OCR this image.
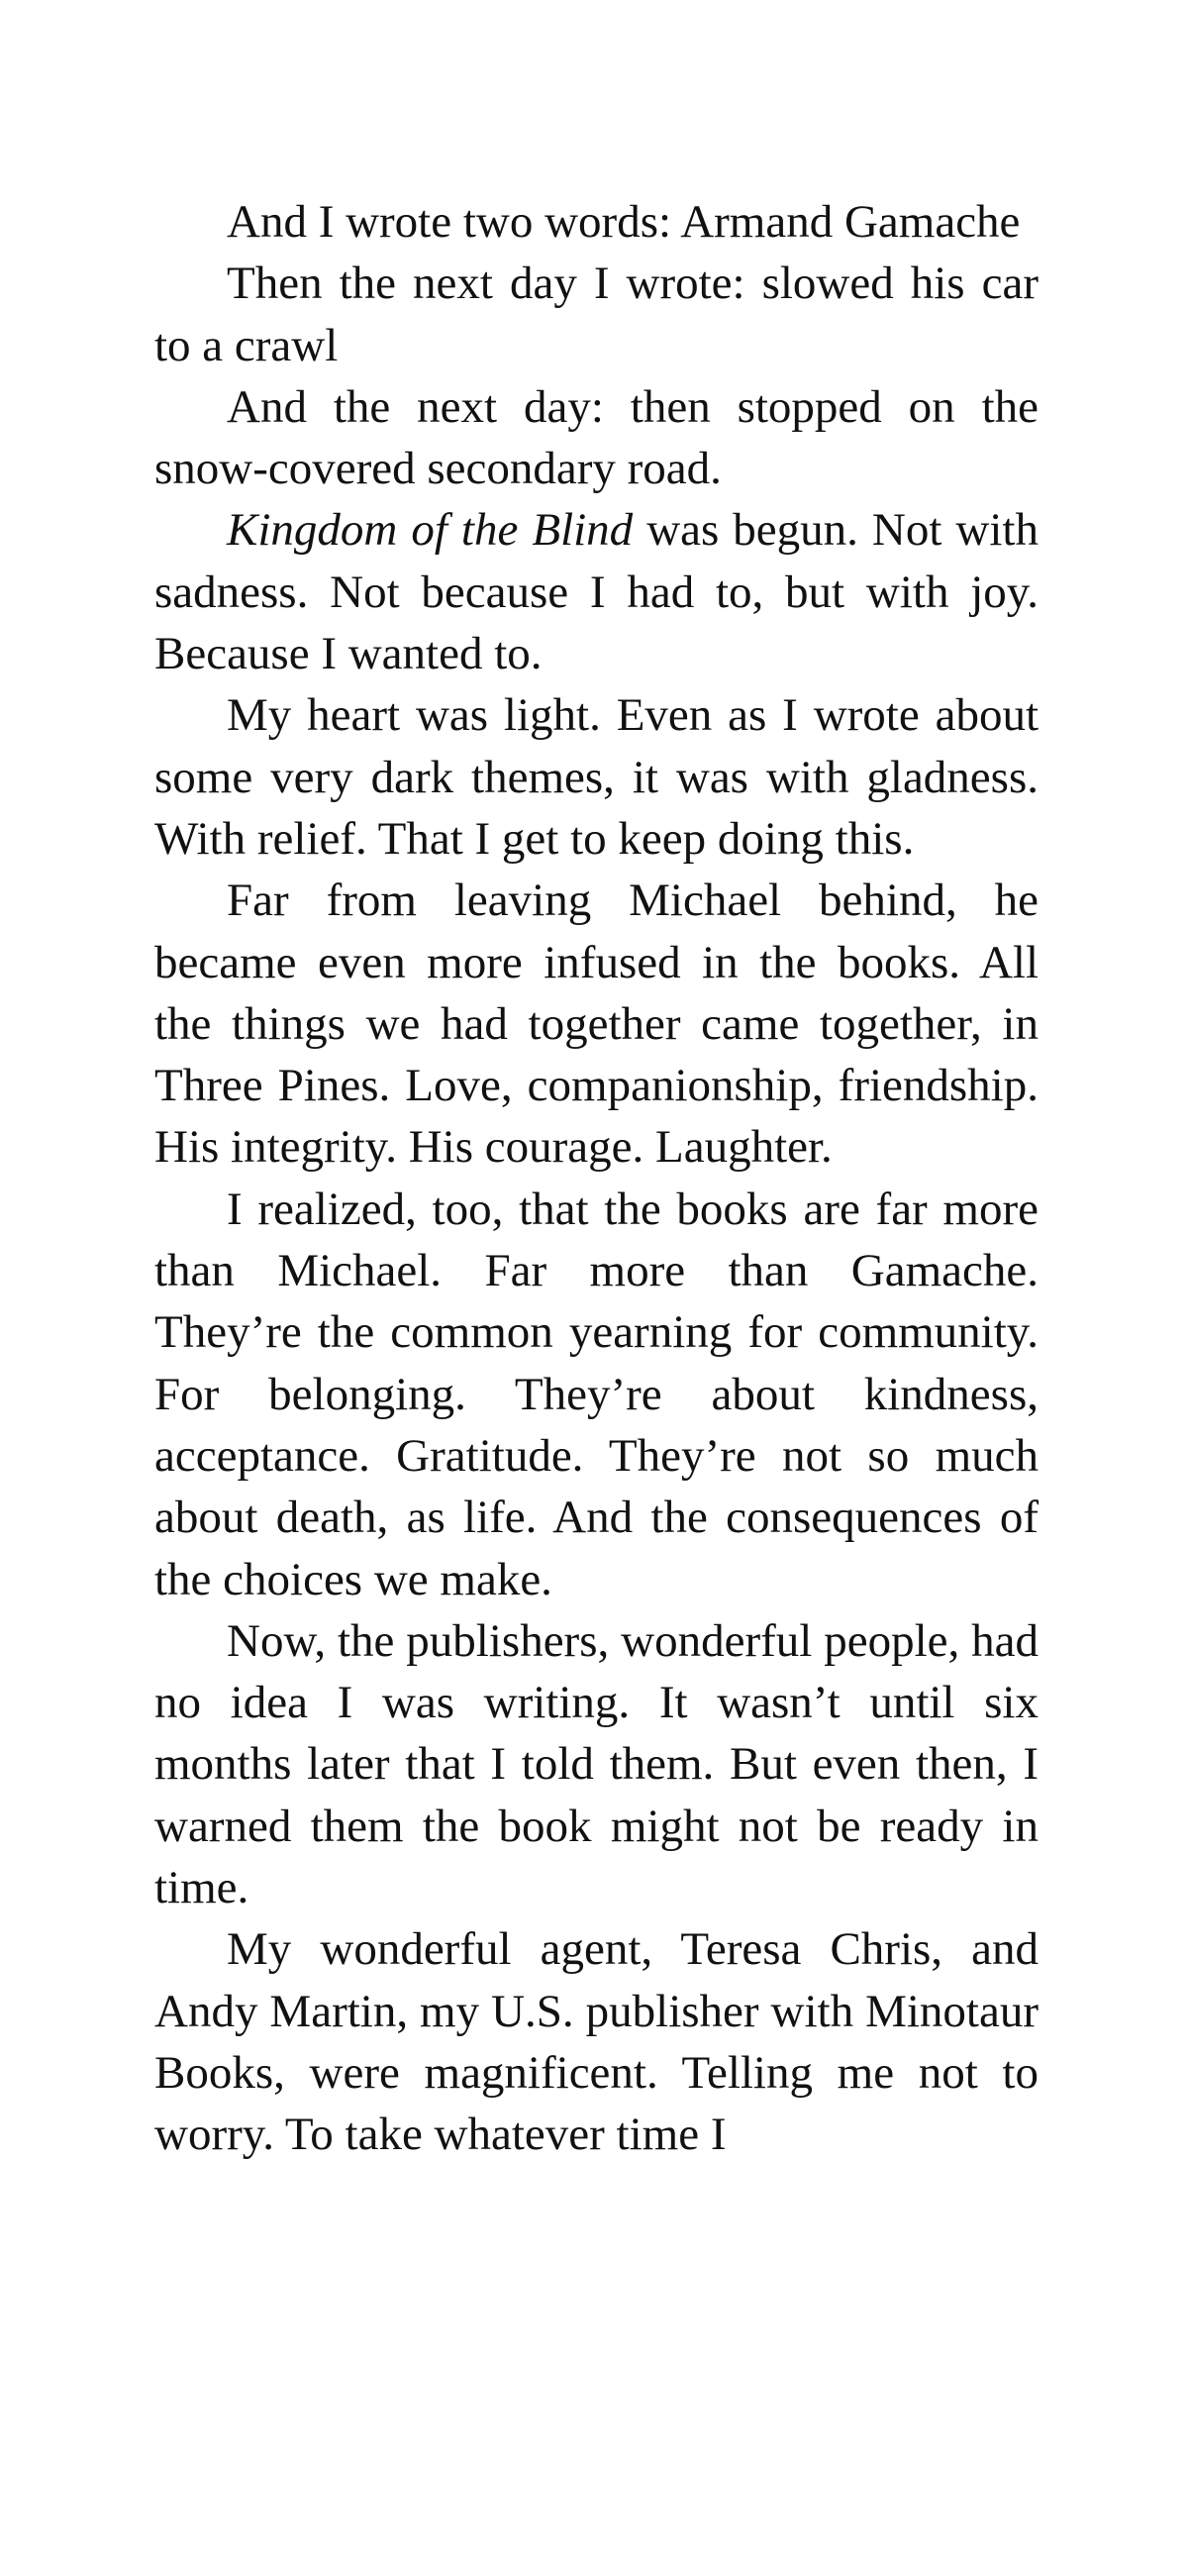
And I wrote two words: Armand Gamache

Then the next day I wrote: slowed his car to a crawl

And the next day: then stopped on the snow-covered secondary road.

Kingdom of the Blind was begun. Not with sadness. Not because I had to, but with joy. Because I wanted to.

My heart was light. Even as I wrote about some very dark themes, it was with gladness. With relief. That I get to keep doing this.

Far from leaving Michael behind, he became even more infused in the books. All the things we had together came together, in Three Pines. Love, companionship, friendship. His integrity. His courage. Laughter.

I realized, too, that the books are far more than Michael. Far more than Gamache. They’re the common yearning for community. For belonging. They’re about kindness, acceptance. Gratitude. They’re not so much about death, as life. And the consequences of the choices we make.

Now, the publishers, wonderful people, had no idea I was writing. It wasn’t until six months later that I told them. But even then, I warned them the book might not be ready in time.

My wonderful agent, Teresa Chris, and Andy Martin, my U.S. publisher with Minotaur Books, were magnificent. Telling me not to worry. To take whatever time I
